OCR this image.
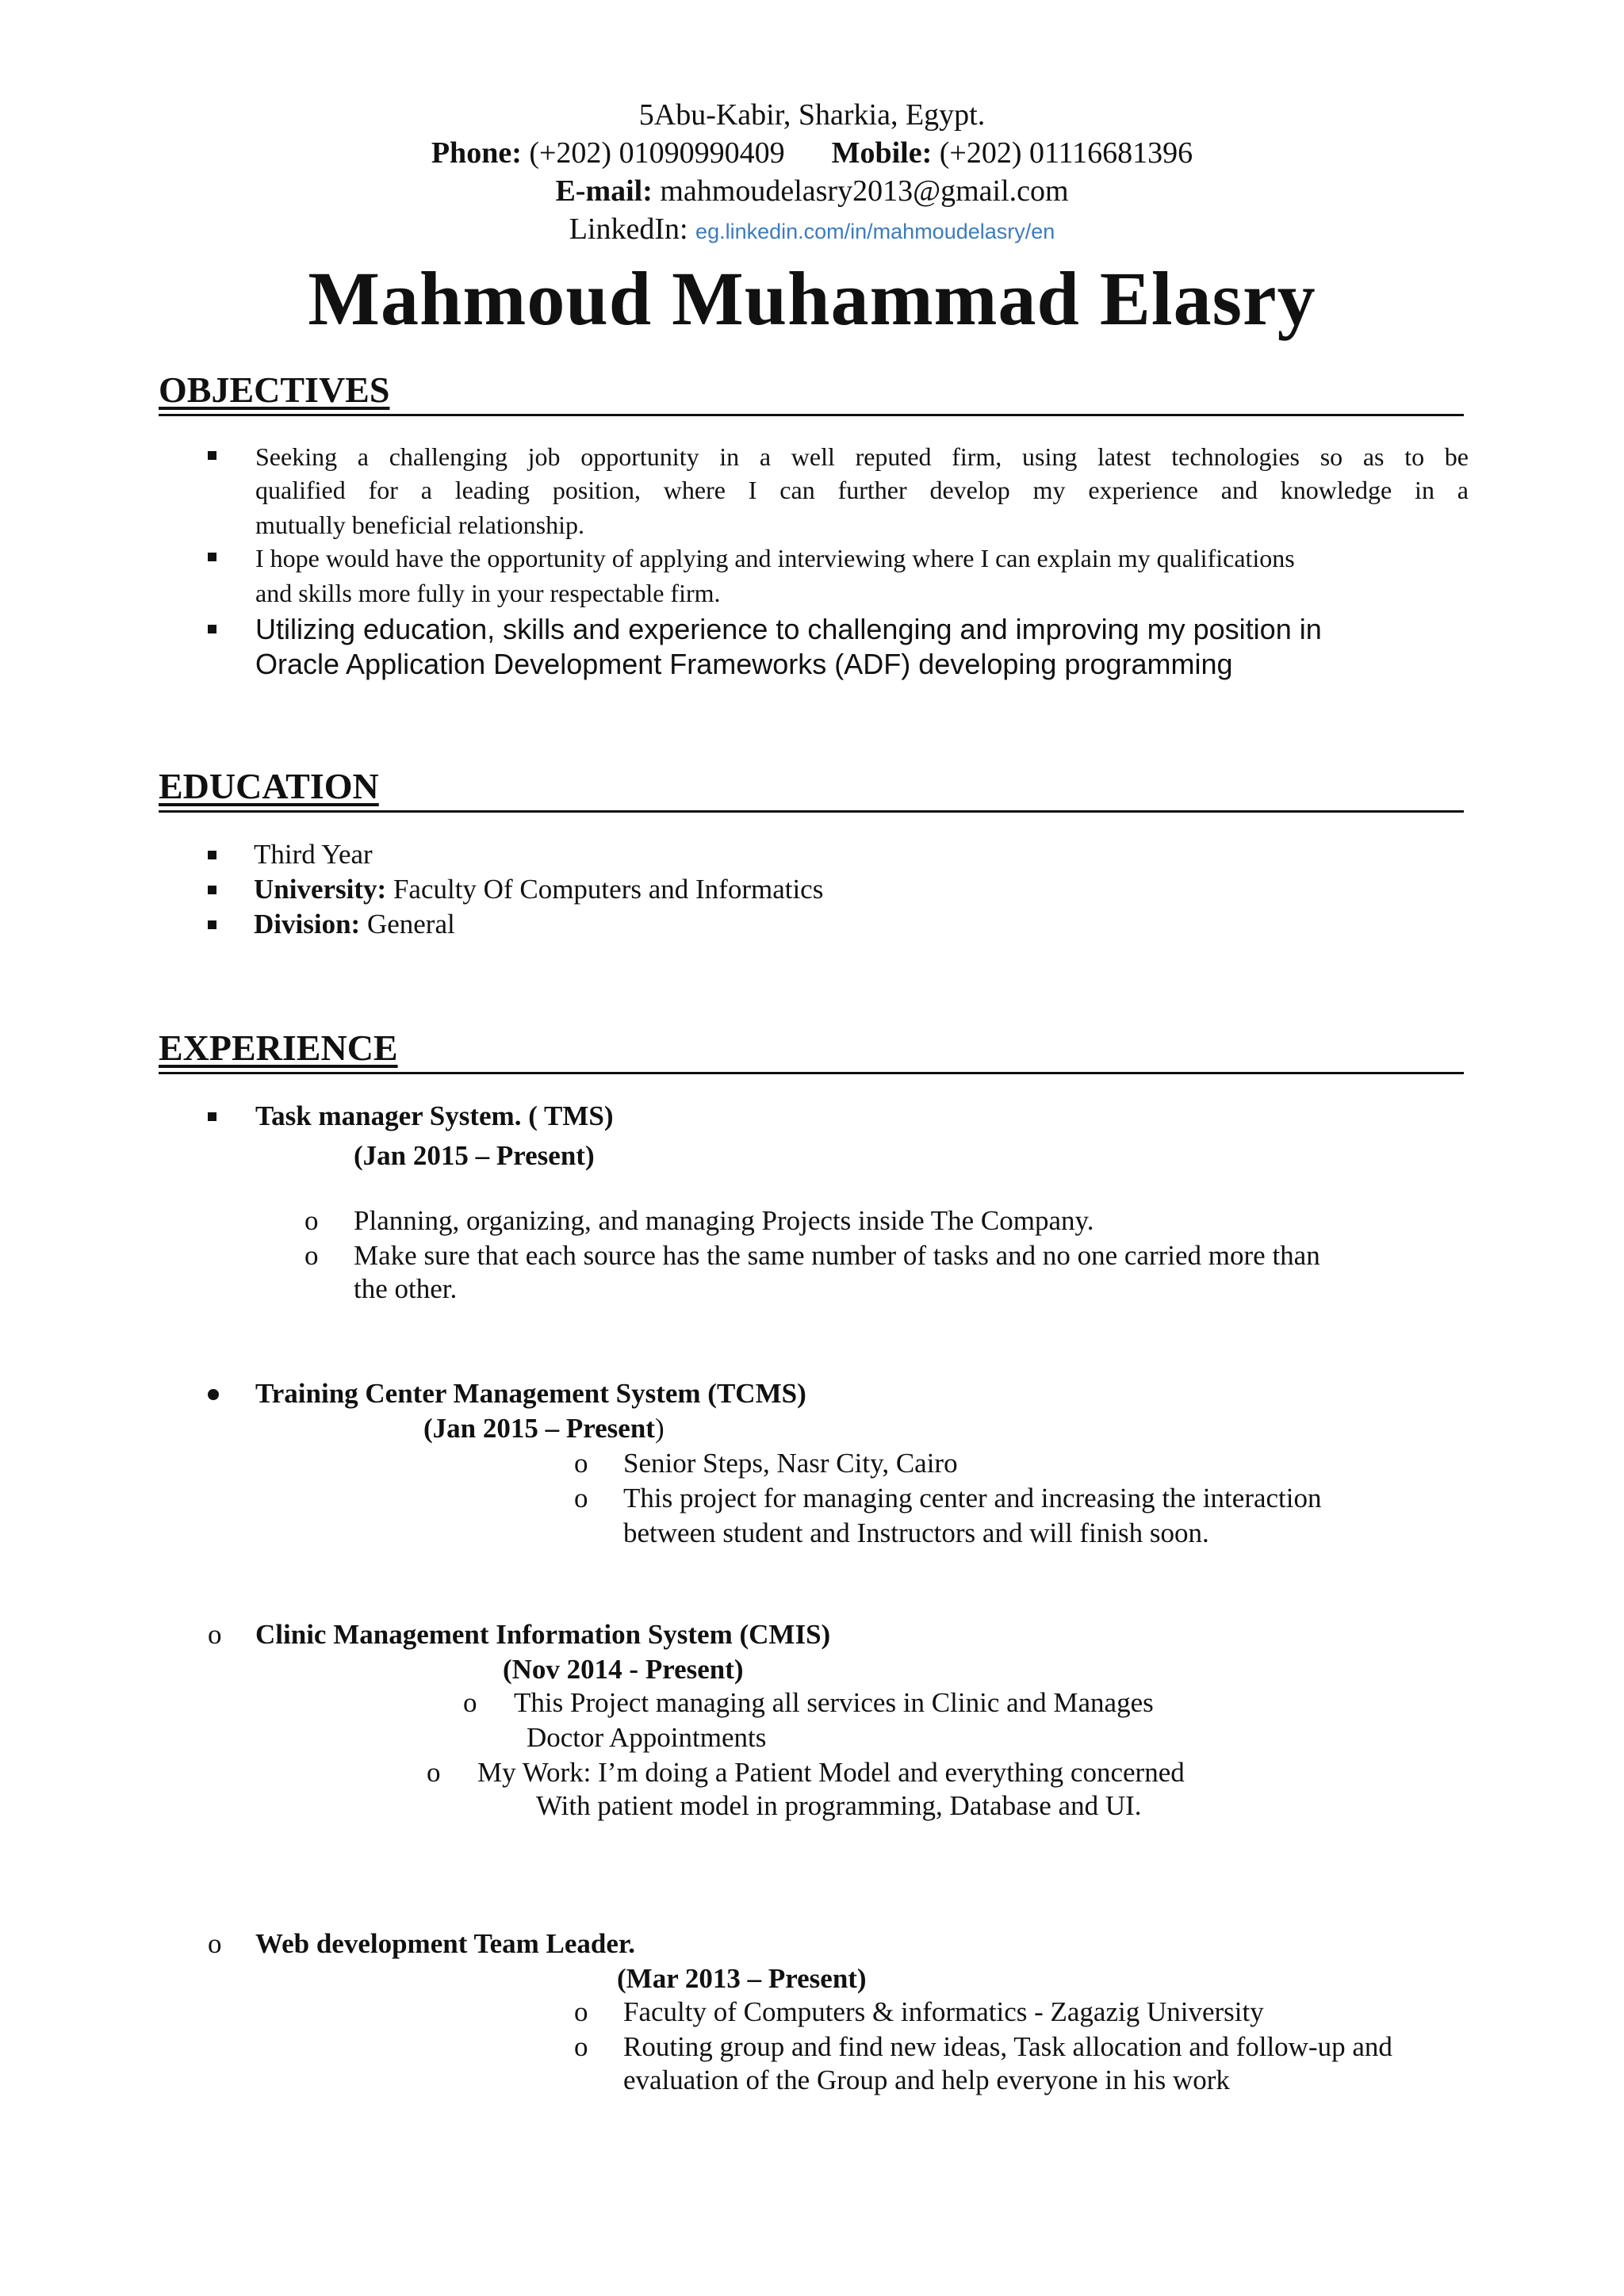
5Abu-Kabir, Sharkia, Egypt.
Phone: (+202) 01090990409 Mobile: (+202) 01116681396
E-mail: mahmoudelasry2013@gmail.com
LinkedIn: eg.linkedin.com/in/mahmoudelasry/en
Mahmoud Muhammad Elasry
OBJECTIVES
Seeking a challenging job opportunity in a well reputed firm, using latest technologies so as to be
qualified for a leading position, where I can further develop my experience and knowledge in a
mutually beneficial relationship.
I hope would have the opportunity of applying and interviewing where I can explain my qualifications
and skills more fully in your respectable firm.
Utilizing education, skills and experience to challenging and improving my position in
Oracle Application Development Frameworks (ADF) developing programming
EDUCATION
Third Year
University: Faculty Of Computers and Informatics
Division: General
EXPERIENCE
Task manager System. ( TMS)
(Jan 2015 – Present)
o Planning, organizing, and managing Projects inside The Company.
o Make sure that each source has the same number of tasks and no one carried more than
the other.
Training Center Management System (TCMS)
(Jan 2015 – Present)
o Senior Steps, Nasr City, Cairo
o This project for managing center and increasing the interaction
between student and Instructors and will finish soon.
o Clinic Management Information System (CMIS)
(Nov 2014 - Present)
o This Project managing all services in Clinic and Manages
Doctor Appointments
o My Work: I’m doing a Patient Model and everything concerned
With patient model in programming, Database and UI.
o Web development Team Leader.
(Mar 2013 – Present)
o Faculty of Computers & informatics - Zagazig University
o Routing group and find new ideas, Task allocation and follow-up and
evaluation of the Group and help everyone in his work
